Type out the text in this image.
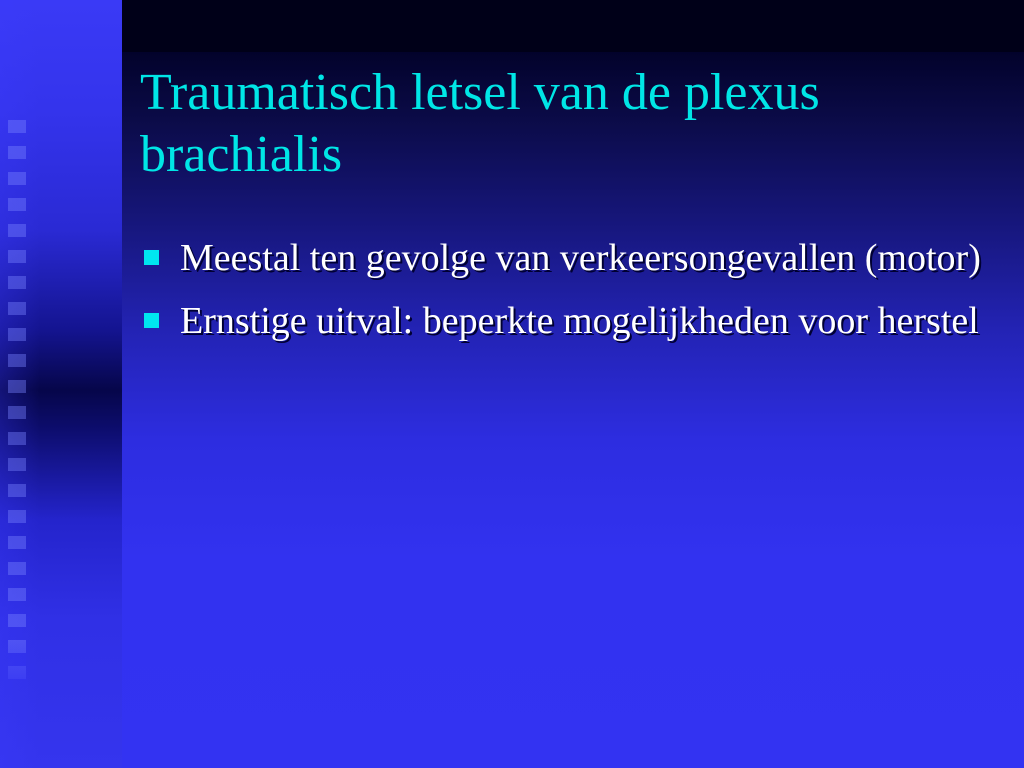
Traumatisch letsel van de plexus brachialis
Meestal ten gevolge van verkeersongevallen (motor)
Ernstige uitval: beperkte mogelijkheden voor herstel
